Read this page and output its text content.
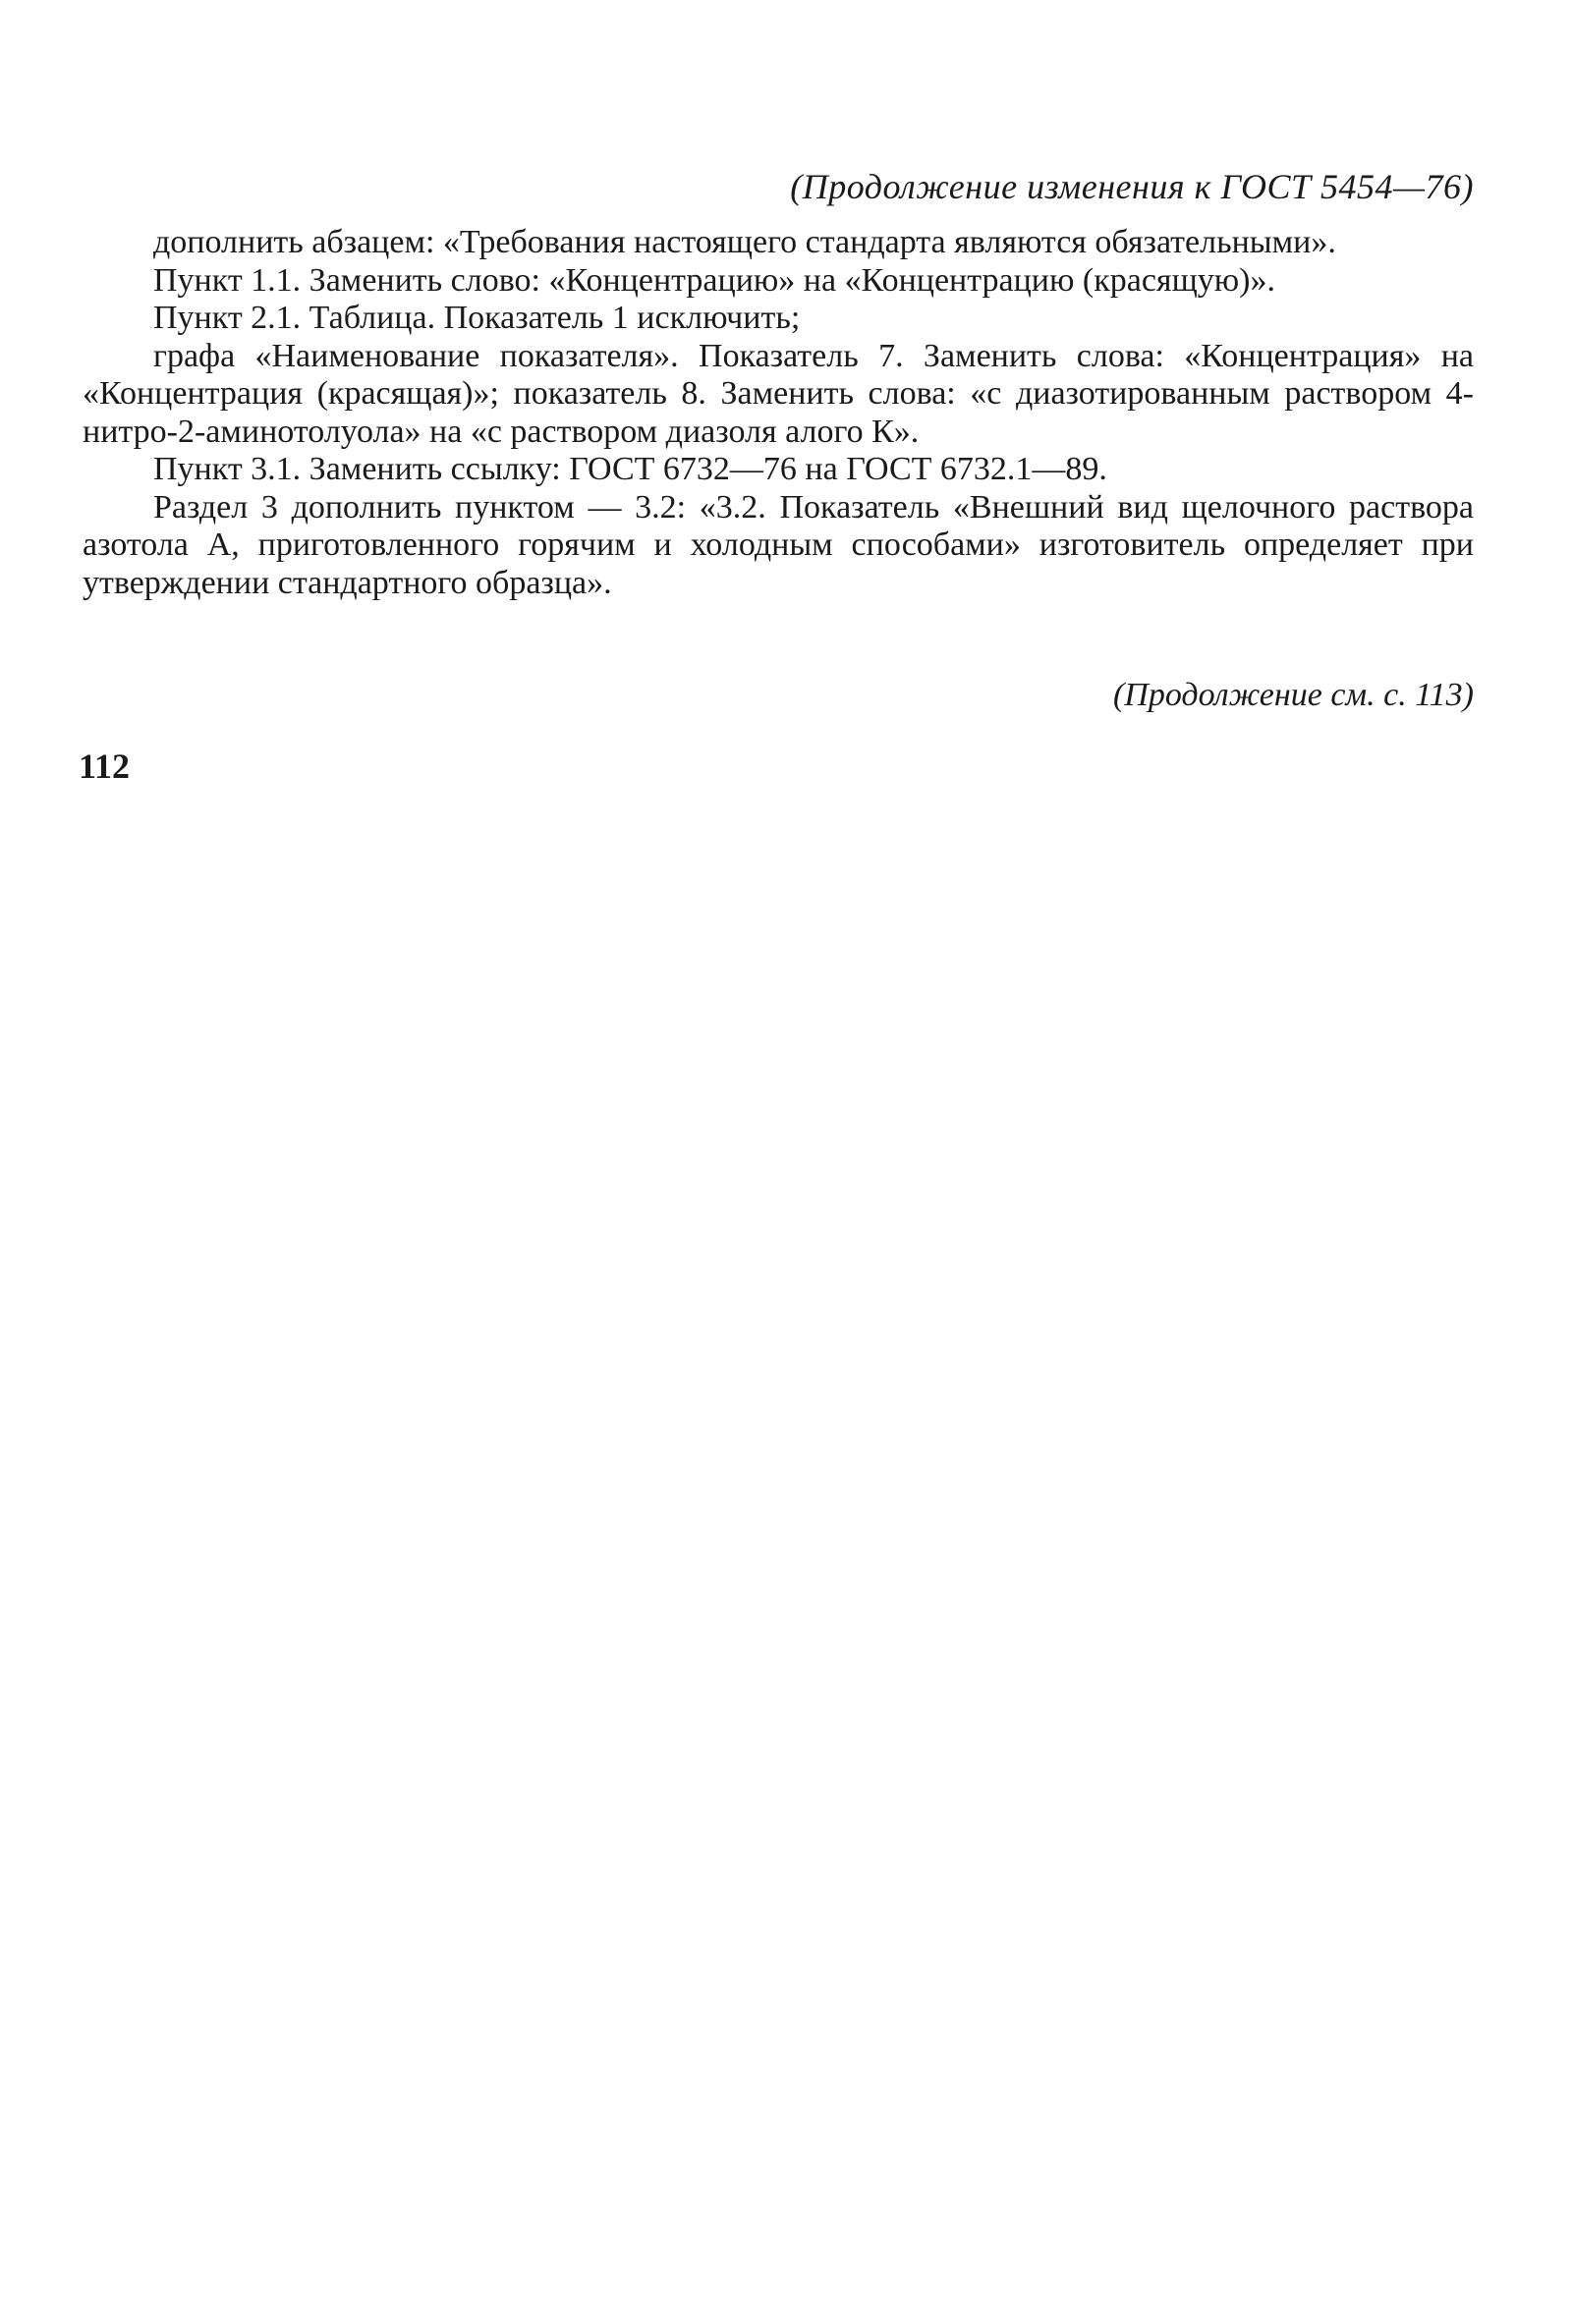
(Продолжение изменения к ГОСТ 5454—76)

дополнить абзацем: «Требования настоящего стандарта являются обязательными».

Пункт 1.1. Заменить слово: «Концентрацию» на «Концентрацию (красящую)».

Пункт 2.1. Таблица. Показатель 1 исключить;

графа «Наименование показателя». Показатель 7. Заменить слова: «Концентрация» на «Концентрация (красящая)»; показатель 8. Заменить слова: «с диазотированным раствором 4-нитро-2-аминотолуола» на «с раствором диазоля алого К».

Пункт 3.1. Заменить ссылку: ГОСТ 6732—76 на ГОСТ 6732.1—89.

Раздел 3 дополнить пунктом — 3.2: «3.2. Показатель «Внешний вид щелочного раствора азотола А, приготовленного горячим и холодным способами» изготовитель определяет при утверждении стандартного образца».

(Продолжение см. с. 113)
112
